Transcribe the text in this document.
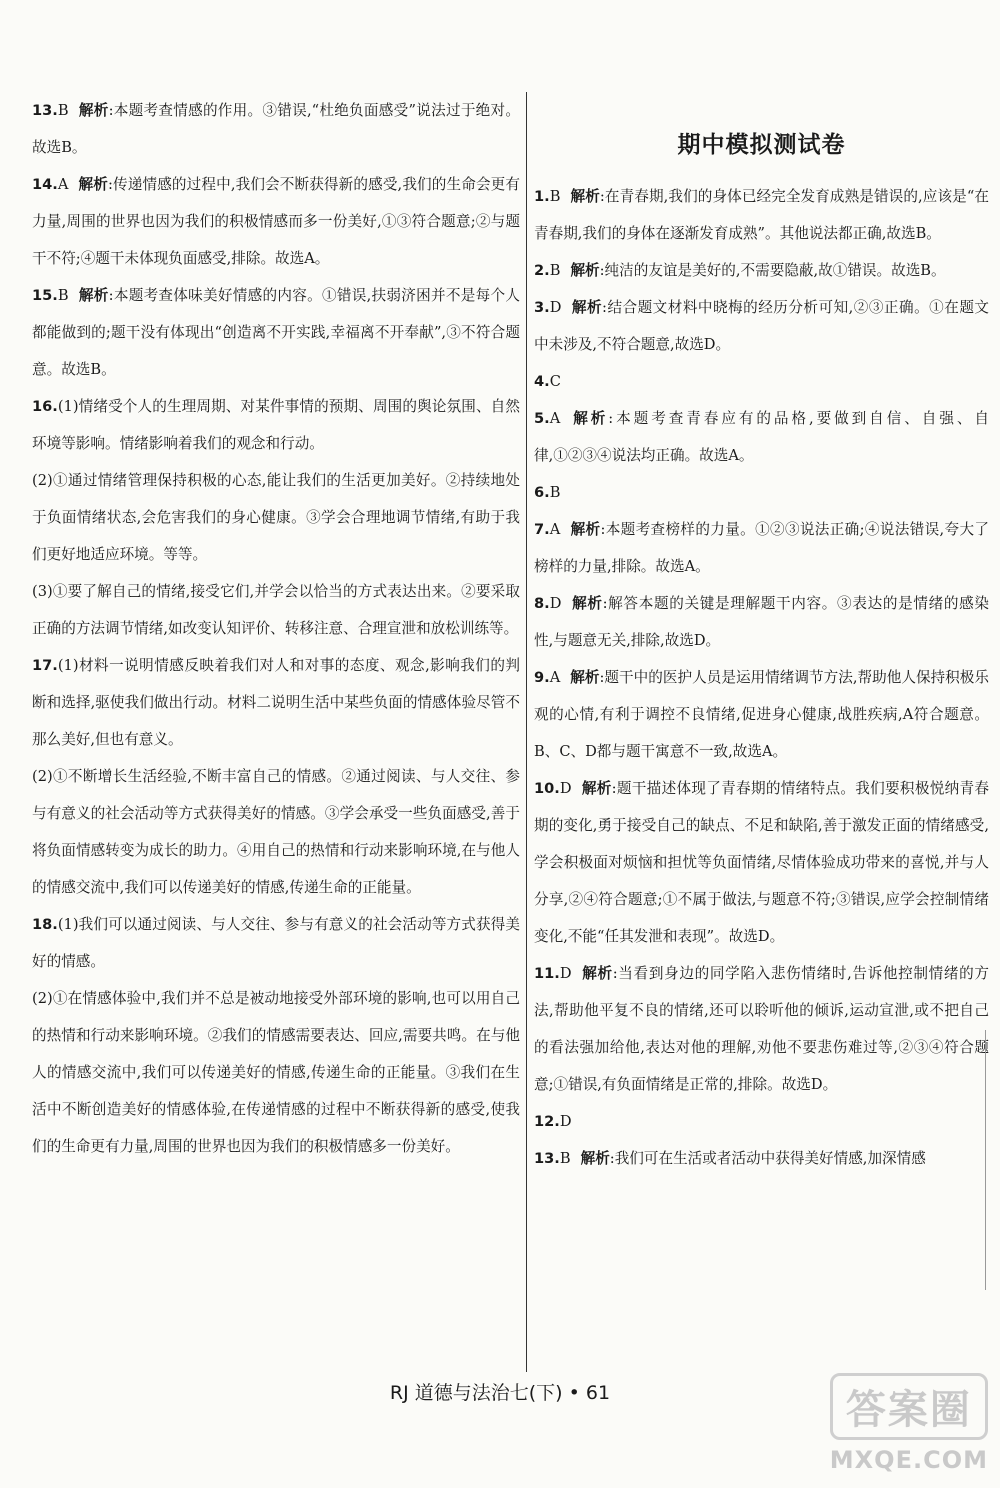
13.B 解析:本题考查情感的作用。③错误,“杜绝负面感受”说法过于绝对。故选B。

14.A 解析:传递情感的过程中,我们会不断获得新的感受,我们的生命会更有力量,周围的世界也因为我们的积极情感而多一份美好,①③符合题意;②与题干不符;④题干未体现负面感受,排除。故选A。

15.B 解析:本题考查体味美好情感的内容。①错误,扶弱济困并不是每个人都能做到的;题干没有体现出“创造离不开实践,幸福离不开奉献”,③不符合题意。故选B。

16.(1)情绪受个人的生理周期、对某件事情的预期、周围的舆论氛围、自然环境等影响。情绪影响着我们的观念和行动。

(2)①通过情绪管理保持积极的心态,能让我们的生活更加美好。②持续地处于负面情绪状态,会危害我们的身心健康。③学会合理地调节情绪,有助于我们更好地适应环境。等等。

(3)①要了解自己的情绪,接受它们,并学会以恰当的方式表达出来。②要采取正确的方法调节情绪,如改变认知评价、转移注意、合理宣泄和放松训练等。

17.(1)材料一说明情感反映着我们对人和对事的态度、观念,影响我们的判断和选择,驱使我们做出行动。材料二说明生活中某些负面的情感体验尽管不那么美好,但也有意义。

(2)①不断增长生活经验,不断丰富自己的情感。②通过阅读、与人交往、参与有意义的社会活动等方式获得美好的情感。③学会承受一些负面感受,善于将负面情感转变为成长的助力。④用自己的热情和行动来影响环境,在与他人的情感交流中,我们可以传递美好的情感,传递生命的正能量。

18.(1)我们可以通过阅读、与人交往、参与有意义的社会活动等方式获得美好的情感。

(2)①在情感体验中,我们并不总是被动地接受外部环境的影响,也可以用自己的热情和行动来影响环境。②我们的情感需要表达、回应,需要共鸣。在与他人的情感交流中,我们可以传递美好的情感,传递生命的正能量。③我们在生活中不断创造美好的情感体验,在传递情感的过程中不断获得新的感受,使我们的生命更有力量,周围的世界也因为我们的积极情感多一份美好。

期中模拟测试卷

1.B 解析:在青春期,我们的身体已经完全发育成熟是错误的,应该是“在青春期,我们的身体在逐渐发育成熟”。其他说法都正确,故选B。

2.B 解析:纯洁的友谊是美好的,不需要隐蔽,故①错误。故选B。

3.D 解析:结合题文材料中晓梅的经历分析可知,②③正确。①在题文中未涉及,不符合题意,故选D。

4.C

5.A 解析:本题考查青春应有的品格,要做到自信、自强、自律,①②③④说法均正确。故选A。

6.B

7.A 解析:本题考查榜样的力量。①②③说法正确;④说法错误,夸大了榜样的力量,排除。故选A。

8.D 解析:解答本题的关键是理解题干内容。③表达的是情绪的感染性,与题意无关,排除,故选D。

9.A 解析:题干中的医护人员是运用情绪调节方法,帮助他人保持积极乐观的心情,有利于调控不良情绪,促进身心健康,战胜疾病,A符合题意。B、C、D都与题干寓意不一致,故选A。

10.D 解析:题干描述体现了青春期的情绪特点。我们要积极悦纳青春期的变化,勇于接受自己的缺点、不足和缺陷,善于激发正面的情绪感受,学会积极面对烦恼和担忧等负面情绪,尽情体验成功带来的喜悦,并与人分享,②④符合题意;①不属于做法,与题意不符;③错误,应学会控制情绪变化,不能“任其发泄和表现”。故选D。

11.D 解析:当看到身边的同学陷入悲伤情绪时,告诉他控制情绪的方法,帮助他平复不良的情绪,还可以聆听他的倾诉,运动宣泄,或不把自己的看法强加给他,表达对他的理解,劝他不要悲伤难过等,②③④符合题意;①错误,有负面情绪是正常的,排除。故选D。

12.D

13.B 解析:我们可在生活或者活动中获得美好情感,加深情感

RJ 道德与法治七(下) • 61	答案圈
MXQE.COM
